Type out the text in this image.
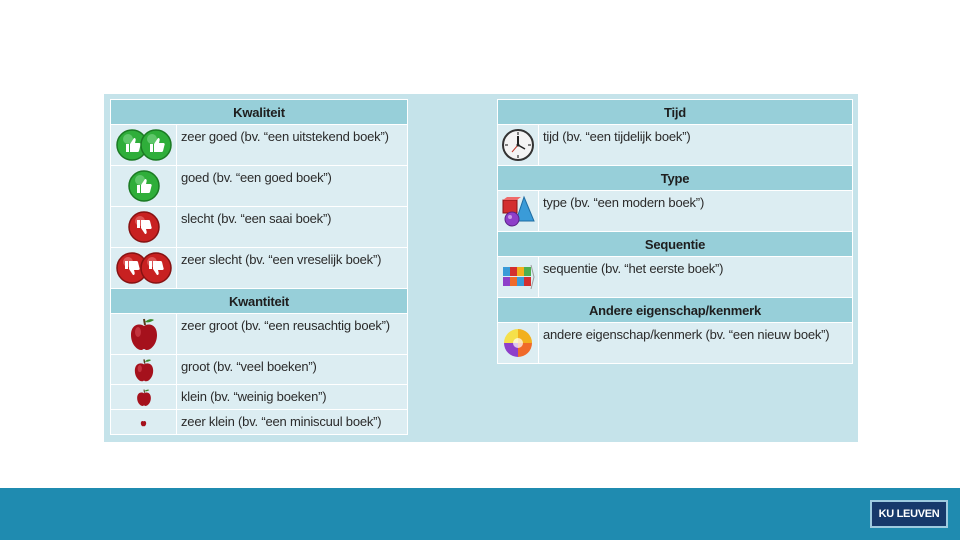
Kwaliteit	
	zeer goed (bv. “een uitstekend boek”)
	goed (bv. “een goed boek”)
	slecht (bv. “een saai boek”)
	zeer slecht (bv. “een vreselijk boek”)
Kwantiteit	
	zeer groot (bv. “een reusachtig boek”)
	groot (bv. “veel boeken”)
	klein (bv. “weinig boeken”)
	zeer klein (bv. “een miniscuul boek”)
Tijd	
	tijd (bv. “een tijdelijk boek”)
Type	
	type (bv. “een modern boek”)
Sequentie	
	sequentie (bv. “het eerste boek”)
Andere eigenschap/kenmerk	
	andere eigenschap/kenmerk (bv. “een nieuw boek”)
KU LEUVEN
